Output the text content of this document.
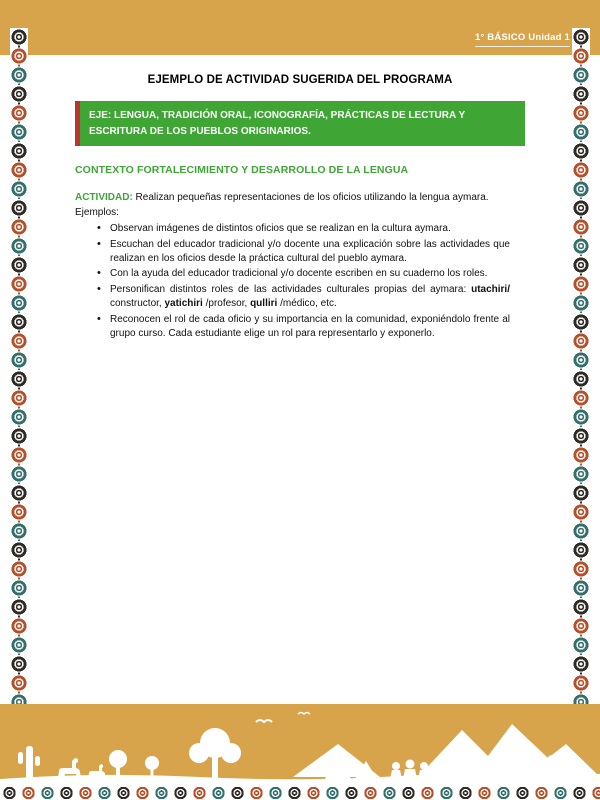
1° BÁSICO Unidad 1
EJEMPLO DE ACTIVIDAD SUGERIDA DEL PROGRAMA
EJE: LENGUA, TRADICIÓN ORAL, ICONOGRAFÍA, PRÁCTICAS DE LECTURA Y ESCRITURA DE LOS PUEBLOS ORIGINARIOS.
CONTEXTO FORTALECIMIENTO Y DESARROLLO DE LA LENGUA

ACTIVIDAD: Realizan pequeñas representaciones de los oficios utilizando la lengua aymara.

Ejemplos:

• Observan imágenes de distintos oficios que se realizan en la cultura aymara.
• Escuchan del educador tradicional y/o docente una explicación sobre las actividades que realizan en los oficios desde la práctica cultural del pueblo aymara.
• Con la ayuda del educador tradicional y/o docente escriben en su cuaderno los roles.
• Personifican distintos roles de las actividades culturales propias del aymara: utachiri/ constructor, yatichiri /profesor, qulliri /médico, etc.
• Reconocen el rol de cada oficio y su importancia en la comunidad, exponiéndolo frente al grupo curso. Cada estudiante elige un rol para representarlo y exponerlo.
